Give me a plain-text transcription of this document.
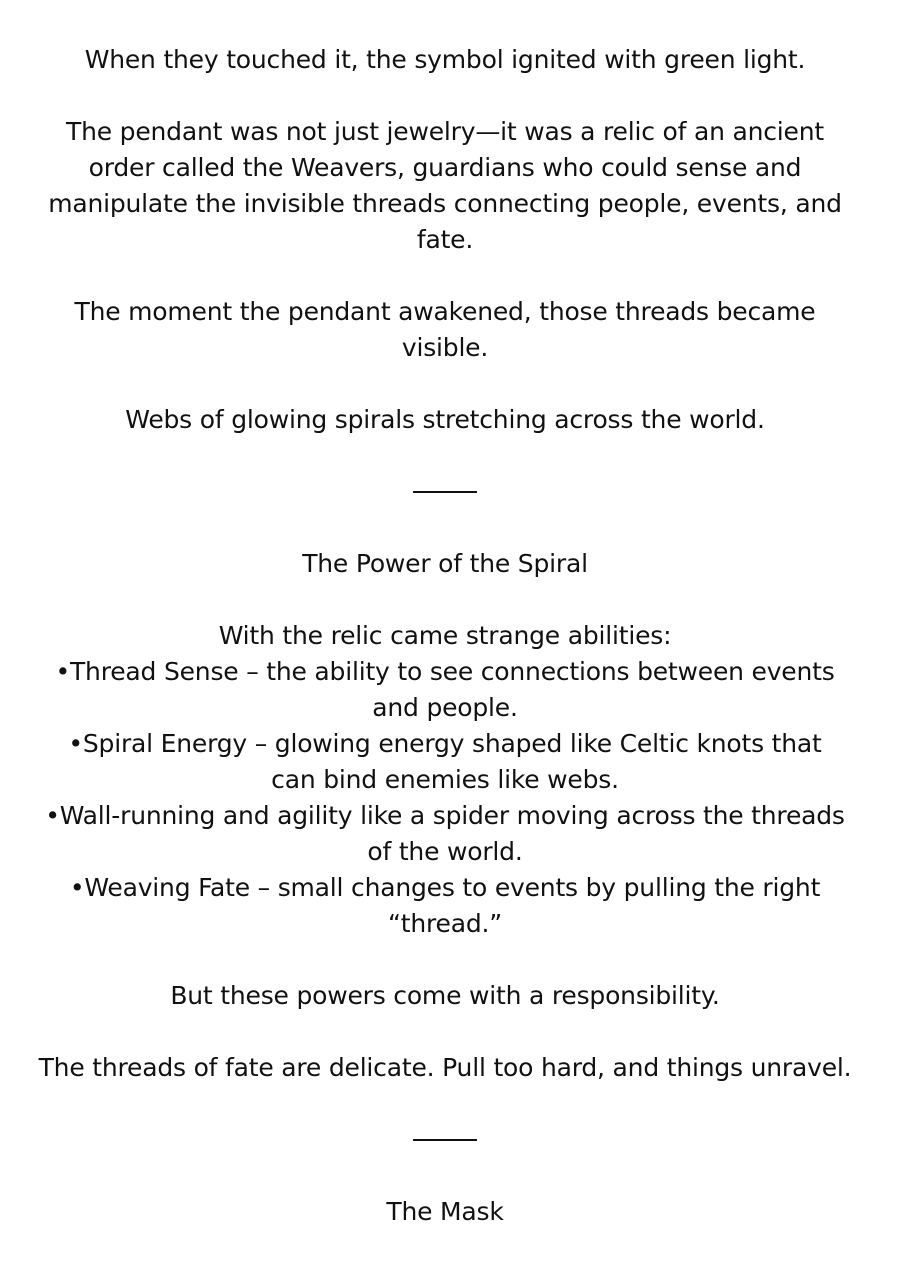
When they touched it, the symbol ignited with green light.
The pendant was not just jewelry—it was a relic of an ancient
order called the Weavers, guardians who could sense and
manipulate the invisible threads connecting people, events, and
fate.
The moment the pendant awakened, those threads became
visible.
Webs of glowing spirals stretching across the world.
The Power of the Spiral
With the relic came strange abilities:
•Thread Sense – the ability to see connections between events
and people.
•Spiral Energy – glowing energy shaped like Celtic knots that
can bind enemies like webs.
•Wall-running and agility like a spider moving across the threads
of the world.
•Weaving Fate – small changes to events by pulling the right
“thread.”
But these powers come with a responsibility.
The threads of fate are delicate. Pull too hard, and things unravel.
The Mask
